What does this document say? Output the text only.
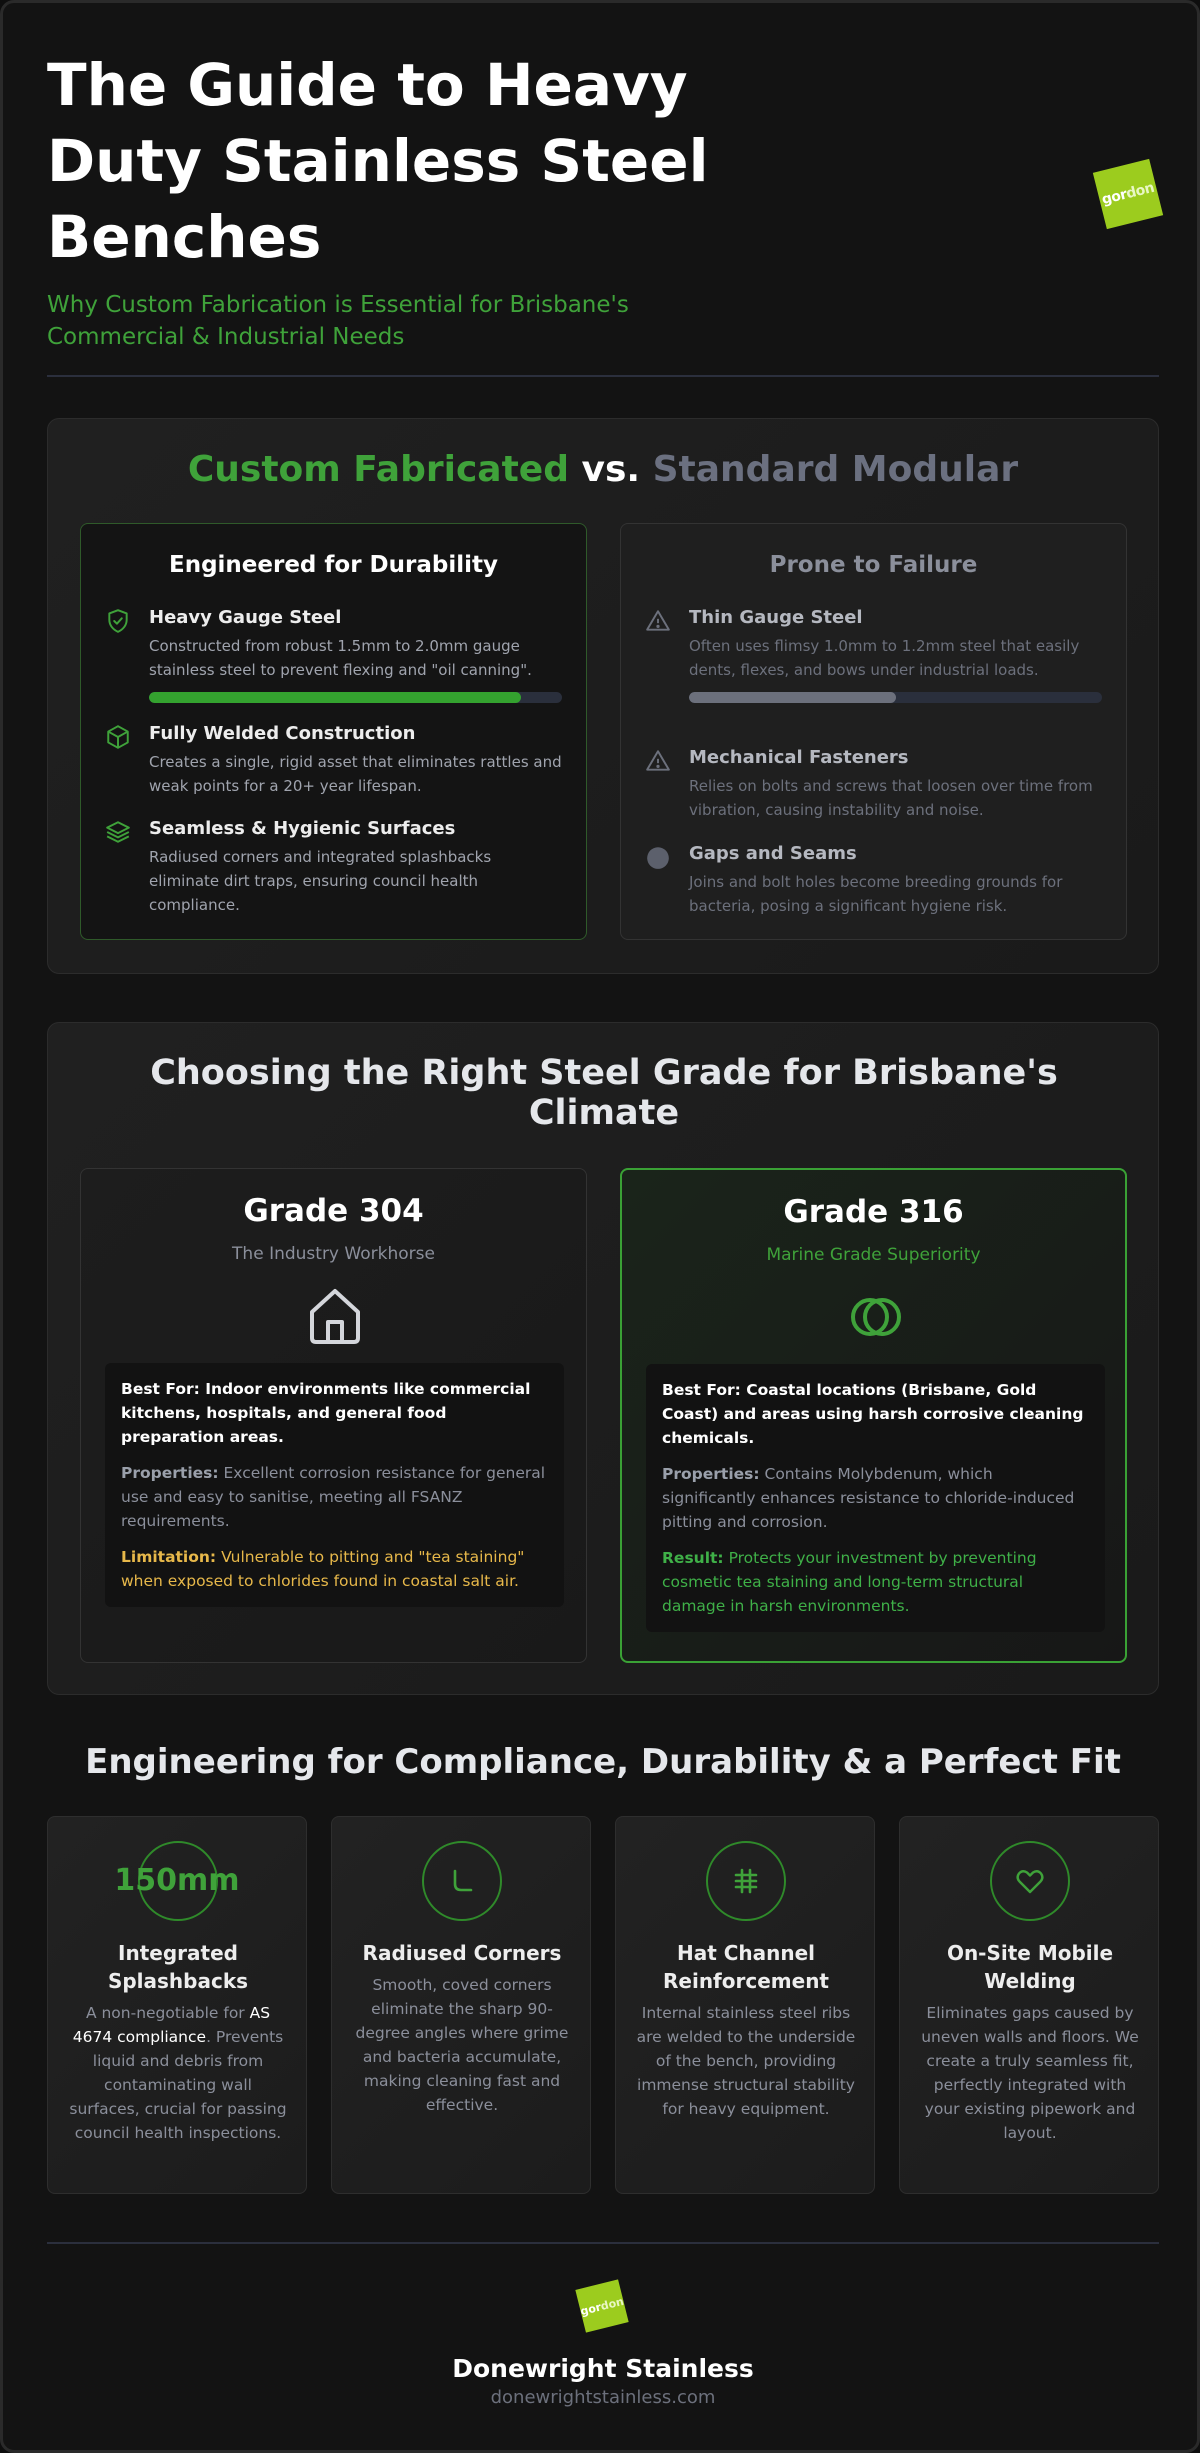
The Guide to Heavy Duty Stainless Steel Benches

Why Custom Fabrication is Essential for Brisbane's Commercial & Industrial Needs

gor
don
Custom Fabricated vs. Standard Modular
Engineered for Durability
Heavy Gauge Steel
Constructed from robust 1.5mm to 2.0mm gauge stainless steel to prevent flexing and "oil canning".
Fully Welded Construction
Creates a single, rigid asset that eliminates rattles and weak points for a 20+ year lifespan.
Seamless & Hygienic Surfaces
Radiused corners and integrated splashbacks eliminate dirt traps, ensuring council health compliance.
Prone to Failure
Thin Gauge Steel
Often uses flimsy 1.0mm to 1.2mm steel that easily dents, flexes, and bows under industrial loads.
Mechanical Fasteners
Relies on bolts and screws that loosen over time from vibration, causing instability and noise.
Gaps and Seams
Joins and bolt holes become breeding grounds for bacteria, posing a significant hygiene risk.
Choosing the Right Steel Grade for Brisbane's Climate
Grade 304
The Industry Workhorse

Best For: Indoor environments like commercial kitchens, hospitals, and general food preparation areas.

Properties: Excellent corrosion resistance for general use and easy to sanitise, meeting all FSANZ requirements.

Limitation: Vulnerable to pitting and "tea staining" when exposed to chlorides found in coastal salt air.

Grade 316
Marine Grade Superiority

Best For: Coastal locations (Brisbane, Gold Coast) and areas using harsh corrosive cleaning chemicals.

Properties: Contains Molybdenum, which significantly enhances resistance to chloride-induced pitting and corrosion.

Result: Protects your investment by preventing cosmetic tea staining and long-term structural damage in harsh environments.

Engineering for Compliance, Durability & a Perfect Fit
150mm
Integrated Splashbacks
A non-negotiable for AS 4674 compliance. Prevents liquid and debris from contaminating wall surfaces, crucial for passing council health inspections.
Radiused Corners
Smooth, coved corners eliminate the sharp 90-degree angles where grime and bacteria accumulate, making cleaning fast and effective.
Hat Channel Reinforcement
Internal stainless steel ribs are welded to the underside of the bench, providing immense structural stability for heavy equipment.
On-Site Mobile Welding
Eliminates gaps caused by uneven walls and floors. We create a truly seamless fit, perfectly integrated with your existing pipework and layout.
gor
don
Donewright Stainless
donewrightstainless.com
